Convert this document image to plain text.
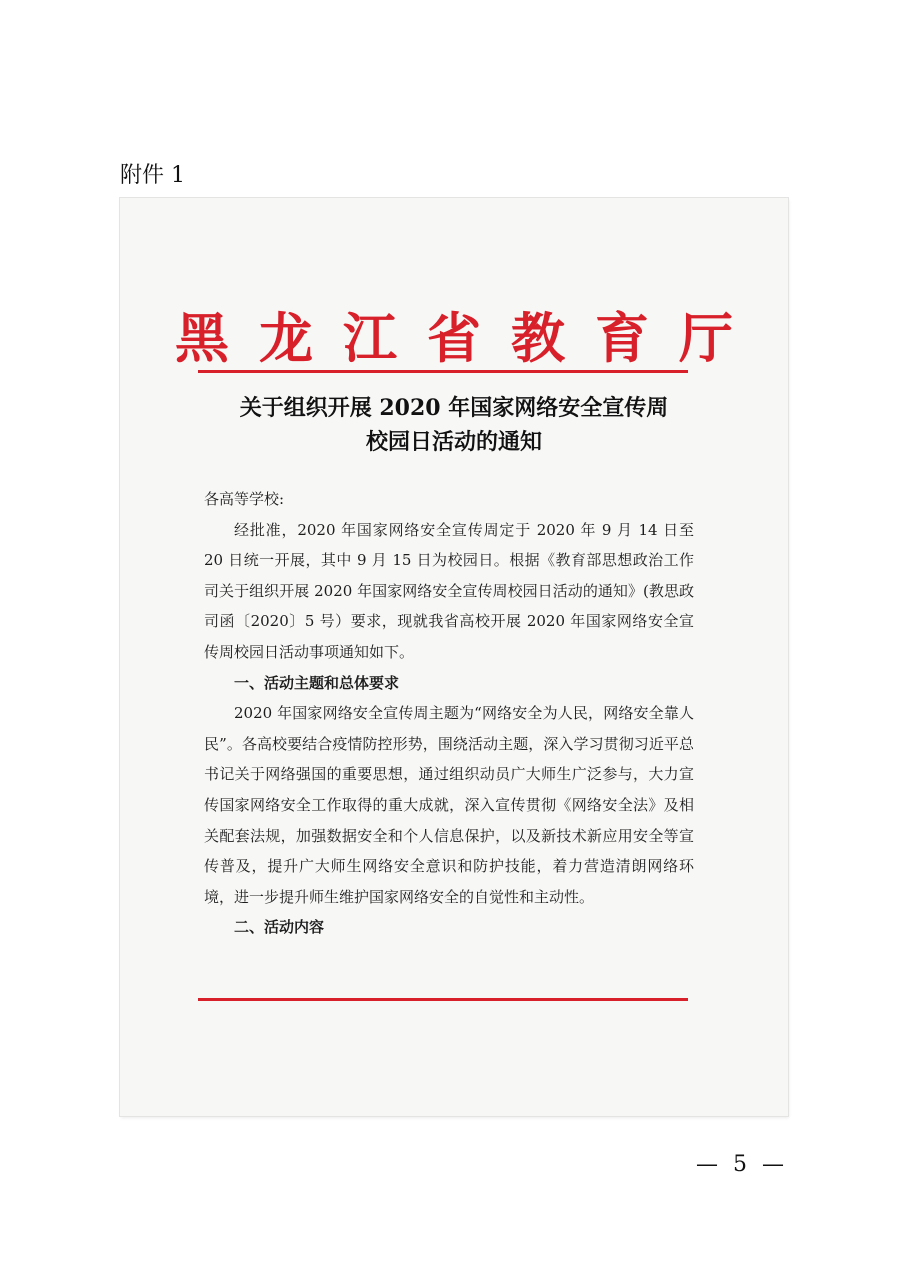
附件 1
黑龙江省教育厅
关于组织开展 2020 年国家网络安全宣传周
校园日活动的通知

各高等学校:

经批准，2020 年国家网络安全宣传周定于 2020 年 9 月 14 日至 20 日统一开展，其中 9 月 15 日为校园日。根据《教育部思想政治工作司关于组织开展 2020 年国家网络安全宣传周校园日活动的通知》(教思政司函〔2020〕5 号）要求，现就我省高校开展 2020 年国家网络安全宣传周校园日活动事项通知如下。

一、活动主题和总体要求

2020 年国家网络安全宣传周主题为“网络安全为人民，网络安全靠人民”。各高校要结合疫情防控形势，围绕活动主题，深入学习贯彻习近平总书记关于网络强国的重要思想，通过组织动员广大师生广泛参与，大力宣传国家网络安全工作取得的重大成就，深入宣传贯彻《网络安全法》及相关配套法规，加强数据安全和个人信息保护，以及新技术新应用安全等宣传普及，提升广大师生网络安全意识和防护技能，着力营造清朗网络环境，进一步提升师生维护国家网络安全的自觉性和主动性。

二、活动内容

— 5 —
